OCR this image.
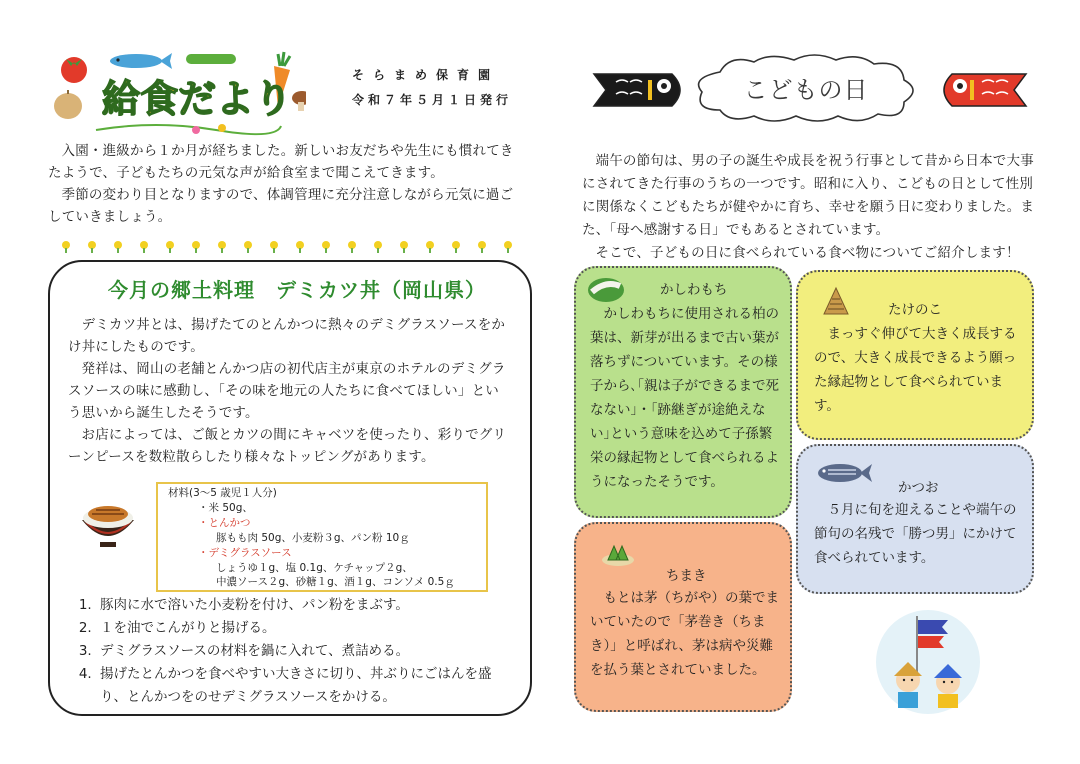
給食だより
そらまめ保育園
令和７年５月１日発行
入園・進級から１か月が経ちました。新しいお友だちや先生にも慣れてきたようで、子どもたちの元気な声が給食室まで聞こえてきます。
季節の変わり目となりますので、体調管理に充分注意しながら元気に過ごしていきましょう。
今月の郷土料理　デミカツ丼（岡山県）
デミカツ丼とは、揚げたてのとんかつに熱々のデミグラスソースをかけ丼にしたものです。
発祥は、岡山の老舗とんかつ店の初代店主が東京のホテルのデミグラスソースの味に感動し、「その味を地元の人たちに食べてほしい」という思いから誕生したそうです。
お店によっては、ご飯とカツの間にキャベツを使ったり、彩りでグリーンピースを数粒散らしたり様々なトッピングがあります。
材料(3～5 歳児１人分)
・米 50g、
・とんかつ
豚もも肉 50g、小麦粉３g、パン粉 10ｇ
・デミグラスソース
しょうゆ１g、塩 0.1g、ケチャップ２g、
中濃ソース２g、砂糖１g、酒１g、コンソメ 0.5ｇ
1. 豚肉に水で溶いた小麦粉を付け、パン粉をまぶす。
2. １を油でこんがりと揚げる。
3. デミグラスソースの材料を鍋に入れて、煮詰める。
4. 揚げたとんかつを食べやすい大きさに切り、丼ぶりにごはんを盛り、とんかつをのせデミグラスソースをかける。
こどもの日
端午の節句は、男の子の誕生や成長を祝う行事として昔から日本で大事にされてきた行事のうちの一つです。昭和に入り、こどもの日として性別に関係なくこどもたちが健やかに育ち、幸せを願う日に変わりました。また、「母へ感謝する日」でもあるとされています。
そこで、子どもの日に食べられている食べ物についてご紹介します！
かしわもち
かしわもちに使用される柏の葉は、新芽が出るまで古い葉が落ちずについています。その様子から､｢親は子ができるまで死なない｣・｢跡継ぎが途絶えない｣という意味を込めて子孫繁栄の縁起物として食べられるようになったそうです。
たけのこ
まっすぐ伸びて大きく成長するので、大きく成長できるよう願った縁起物として食べられています。
かつお
５月に旬を迎えることや端午の節句の名残で「勝つ男」にかけて食べられています。
ちまき
もとは茅（ちがや）の葉でまいていたので「茅巻き（ちまき）」と呼ばれ、茅は病や災難を払う葉とされていました。
